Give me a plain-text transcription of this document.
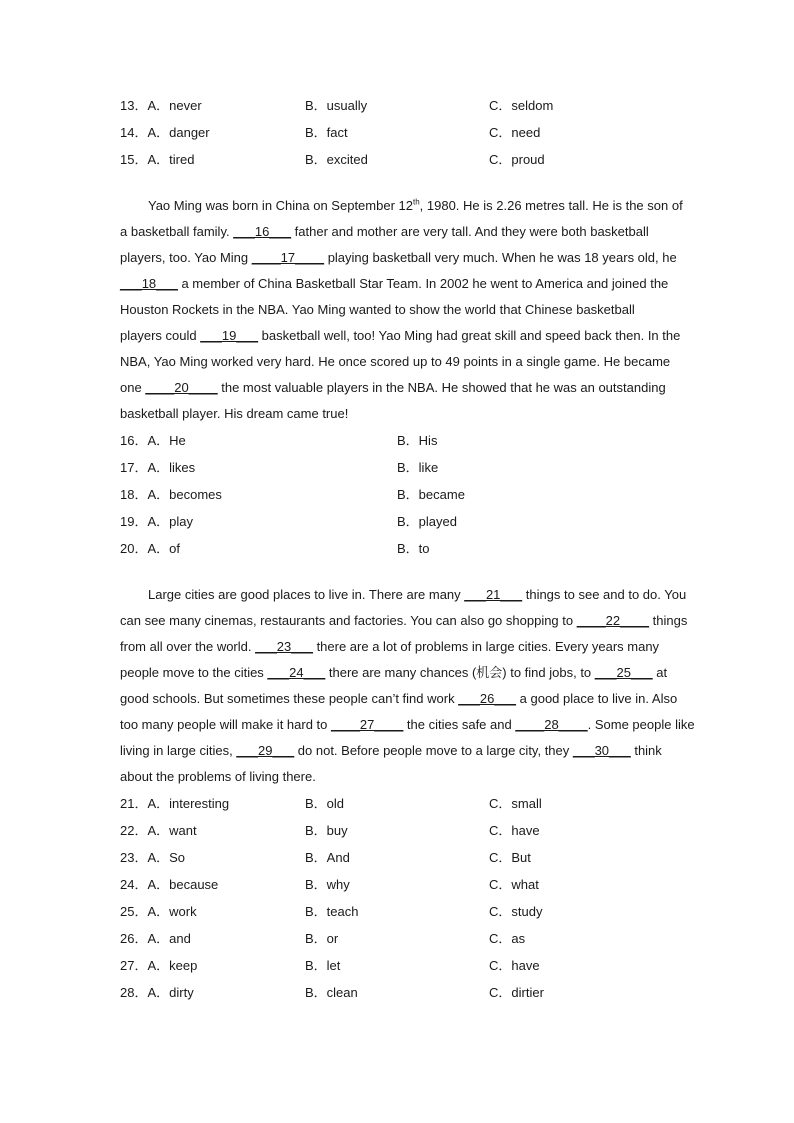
13．A．never	B．usually	C．seldom
14．A．danger	B．fact	C．need
15．A．tired	B．excited	C．proud
Yao Ming was born in China on September 12th, 1980. He is 2.26 metres tall. He is the son of
a basketball family. ___16___ father and mother are very tall. And they were both basketball
players, too. Yao Ming ____17____ playing basketball very much. When he was 18 years old, he
___18___ a member of China Basketball Star Team. In 2002 he went to America and joined the
Houston Rockets in the NBA. Yao Ming wanted to show the world that Chinese basketball
players could ___19___ basketball well, too! Yao Ming had great skill and speed back then. In the
NBA, Yao Ming worked very hard. He once scored up to 49 points in a single game. He became
one ____20____ the most valuable players in the NBA. He showed that he was an outstanding
basketball player. His dream came true!
16．A．He	B．His
17．A．likes	B．like
18．A．becomes	B．became
19．A．play	B．played
20．A．of	B．to
Large cities are good places to live in. There are many ___21___ things to see and to do. You
can see many cinemas, restaurants and factories. You can also go shopping to ____22____ things
from all over the world. ___23___ there are a lot of problems in large cities. Every years many
people move to the cities ___24___ there are many chances (机会) to find jobs, to ___25___ at
good schools. But sometimes these people can’t find work ___26___ a good place to live in. Also
too many people will make it hard to ____27____ the cities safe and ____28____. Some people like
living in large cities, ___29___ do not. Before people move to a large city, they ___30___ think
about the problems of living there.
21．A．interesting	B．old	C．small
22．A．want	B．buy	C．have
23．A．So	B．And	C．But
24．A．because	B．why	C．what
25．A．work	B．teach	C．study
26．A．and	B．or	C．as
27．A．keep	B．let	C．have
28．A．dirty	B．clean	C．dirtier
